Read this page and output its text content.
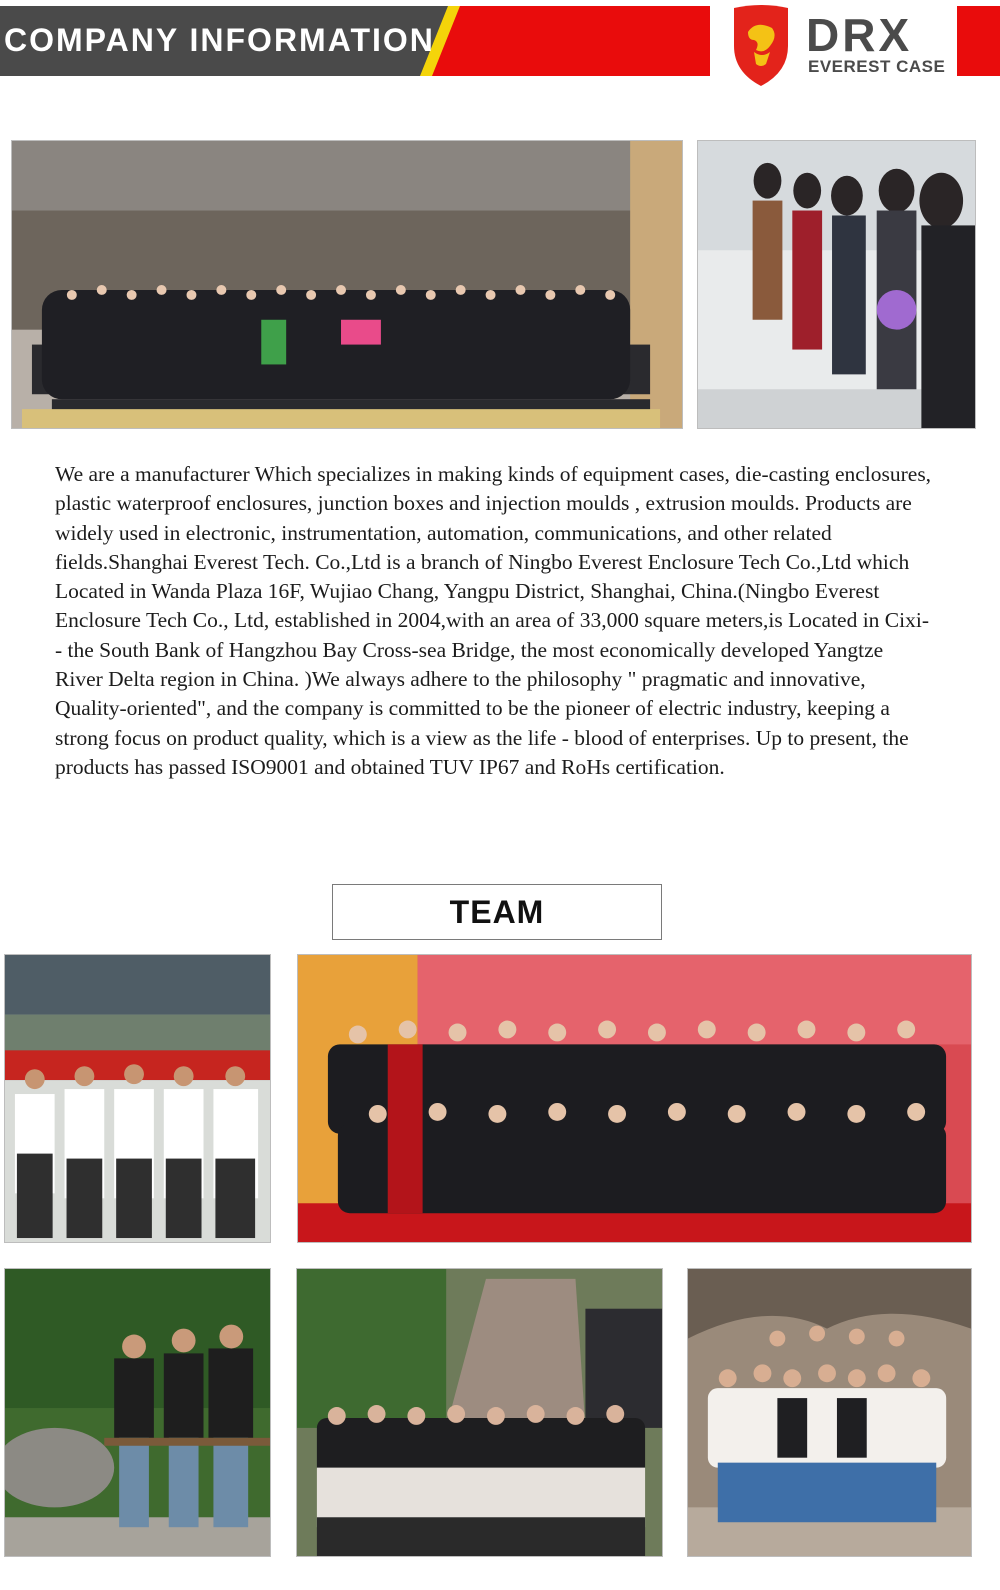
COMPANY INFORMATION	DRX
EVEREST CASE

We are a manufacturer Which specializes in making kinds of equipment cases, die-casting enclosures, plastic waterproof enclosures, junction boxes and injection moulds , extrusion moulds. Products are widely used in electronic, instrumentation, automation, communications, and other related fields.Shanghai Everest Tech. Co.,Ltd is a branch of Ningbo Everest Enclosure Tech Co.,Ltd which Located in Wanda Plaza 16F, Wujiao Chang, Yangpu District, Shanghai, China.(Ningbo Everest Enclosure Tech Co., Ltd, established in 2004,with an area of 33,000 square meters,is Located in Cixi-- the South Bank of Hangzhou Bay Cross-sea Bridge, the most economically developed Yangtze River Delta region in China. )We always adhere to the philosophy " pragmatic and innovative, Quality-oriented", and the company is committed to be the pioneer of electric industry, keeping a strong focus on product quality, which is a view as the life - blood of enterprises. Up to present, the products has passed ISO9001 and obtained TUV IP67 and RoHs certification.

TEAM
